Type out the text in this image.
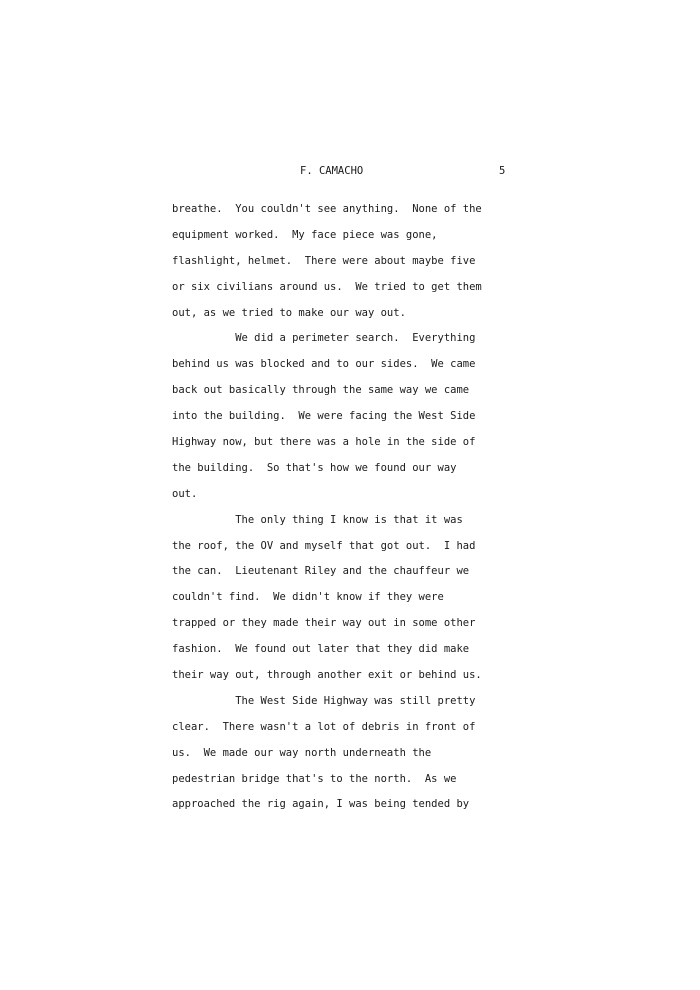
F. CAMACHO	5
breathe.  You couldn't see anything.  None of the
equipment worked.  My face piece was gone,
flashlight, helmet.  There were about maybe five
or six civilians around us.  We tried to get them
out, as we tried to make our way out.
We did a perimeter search.  Everything
behind us was blocked and to our sides.  We came
back out basically through the same way we came
into the building.  We were facing the West Side
Highway now, but there was a hole in the side of
the building.  So that's how we found our way
out.
The only thing I know is that it was
the roof, the OV and myself that got out.  I had
the can.  Lieutenant Riley and the chauffeur we
couldn't find.  We didn't know if they were
trapped or they made their way out in some other
fashion.  We found out later that they did make
their way out, through another exit or behind us.
The West Side Highway was still pretty
clear.  There wasn't a lot of debris in front of
us.  We made our way north underneath the
pedestrian bridge that's to the north.  As we
approached the rig again, I was being tended by
